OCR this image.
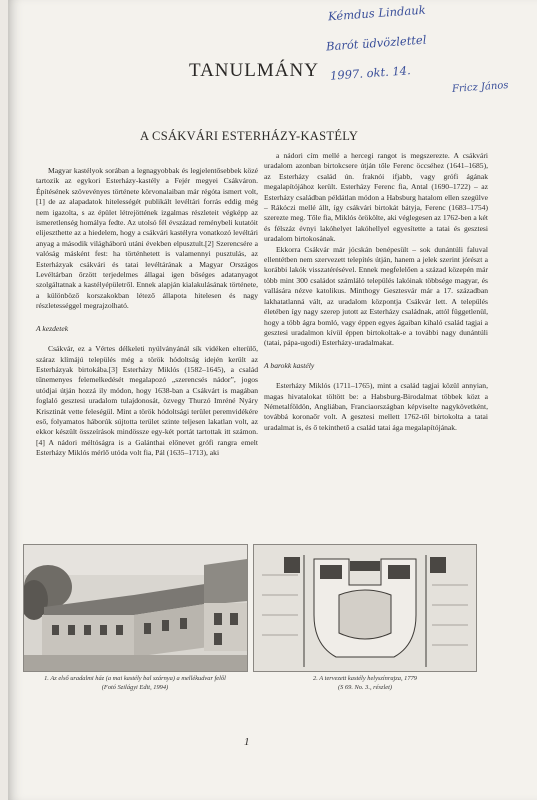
Kémdus Lindauk
Barót üdvözlettel
1997. okt. 14.
Fricz János
TANULMÁNY
A CSÁKVÁRI ESTERHÁZY-KASTÉLY

Magyar kastélyok sorában a legnagyobbak és legjelentősebbek közé tartozik az egykori Esterházy-kastély a Fejér megyei Csákváron. Építésének szövevényes története körvonalaiban már régóta ismert volt,[1] de az alapadatok hitelességét publikált levéltári forrás eddig még nem igazolta, s az épület létrejöttének izgalmas részleteit végképp az ismeretlenség homálya fedte. Az utolsó fél évszázad reménybeli kutatóit elijeszthette az a hiedelem, hogy a csákvári kastélyra vonatkozó levéltári anyag a második világháború utáni években elpusztult.[2] Szerencsére a valóság másként fest: ha történhetett is valamennyi pusztulás, az Esterházyak csákvári és tatai levéltárának a Magyar Országos Levéltárban őrzött terjedelmes állagai igen bőséges adatanyagot szolgáltatnak a kastélyépületről. Ennek alapján kialakulásának története, a különböző korszakokban létező állapota hitelesen és nagy részletességgel megrajzolható.

A kezdetek

Csákvár, ez a Vértes délkeleti nyúlványánál sík vidéken elterülő, száraz klímájú település még a török hódoltság idején került az Esterházyak birtokába.[3] Esterházy Miklós (1582–1645), a család tűnemenyes felemelkedését megalapozó „szerencsés nádor”, jogos utódjai útján hozzá ily módon, hogy 1638-ban a Csákvárt is magában foglaló gesztesi uradalom tulajdonosát, özvegy Thurzó Imréné Nyáry Krisztinát vette feleségül. Mint a török hódoltsági terület peremvidékére eső, folyamatos háborúk sújtotta terület szinte teljesen lakatlan volt, az ekkor készült összeírások mindössze egy-két portát tartottak itt számon.[4] A nádori méltóságra is a Galánthai előnevet grófi rangra emelt Esterházy Miklós mérlő utóda volt fia, Pál (1635–1713), aki

a nádori cím mellé a hercegi rangot is megszerezte. A csákvári uradalom azonban birtokcsere útján tőle Ferenc öccséhez (1641–1685), az Esterházy család ún. fraknói ifjabb, vagy grófi ágának megalapítójához került. Esterházy Ferenc fia, Antal (1690–1722) – az Esterházy családban példátlan módon a Habsburg hatalom ellen szegülve – Rákóczi mellé állt, így csákvári birtokát bátyja, Ferenc (1683–1754) szerezte meg. Tőle fia, Miklós örökölte, aki véglegesen az 1762-ben a két és félszáz évnyi lakóhelyet lakóhellyel egyesítette a tatai és gesztesi uradalom birtokosának.

Ekkorra Csákvár már jócskán benépesült – sok dunántúli faluval ellentétben nem szervezett telepítés útján, hanem a jelek szerint jórészt a korábbi lakók visszatérésével. Ennek megfelelően a század közepén már több mint 300 családot számláló település lakóinak többsége magyar, és vallására nézve katolikus. Minthogy Gesztesvár már a 17. században lakhatatlanná vált, az uradalom központja Csákvár lett. A település életében így nagy szerep jutott az Esterházy családnak, attól függetlenül, hogy a több ágra bomló, vagy éppen egyes ágaiban kihaló család tagjai a gesztesi uradalmon kívül éppen birtokoltak-e a további nagy dunántúli (tatai, pápa-ugodi) Esterházy-uradalmakat.

A barokk kastély

Esterházy Miklós (1711–1765), mint a család tagjai közül annyian, magas hivatalokat töltött be: a Habsburg-Birodalmat többek közt a Németalföldön, Angliában, Franciaországban képviselte nagykövetként, továbbá koronaőr volt. A gesztesi mellett 1762-től birtokolta a tatai uradalmat is, és ő tekinthető a család tatai ága megalapítójának.

1. Az első uradalmi ház (a mai kastély bal szárnya) a mellékudvar felől
(Fotó Szilágyi Edit, 1994)
2. A tervezett kastély helyszínrajza, 1779
(S 69. No. 3., részlet)
1
